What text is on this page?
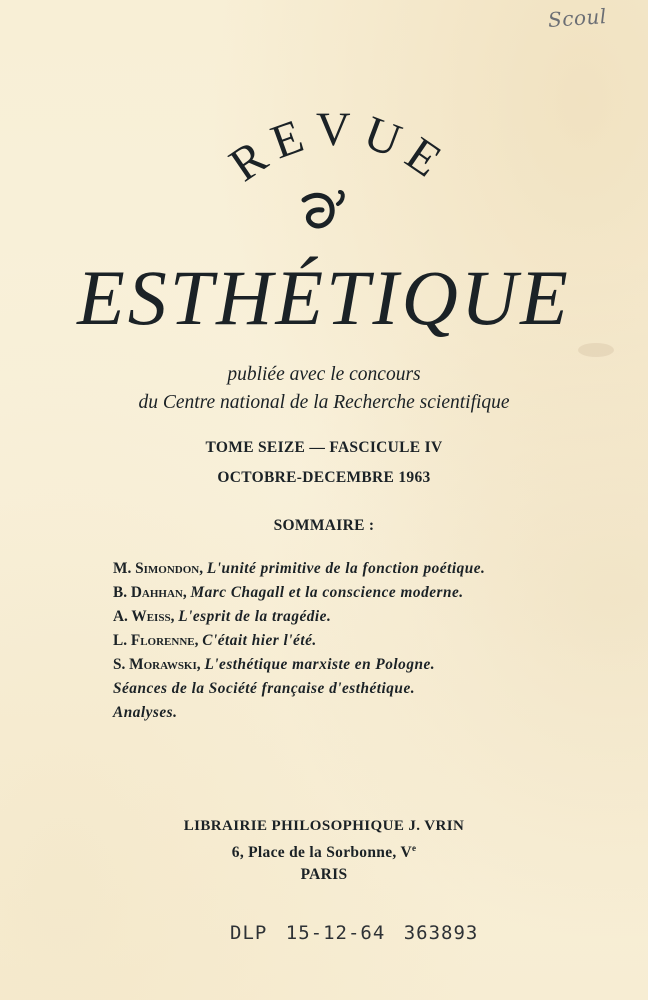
Scoul
REVUE
ESTHÉTIQUE
publiée avec le concours
du Centre national de la Recherche scientifique
TOME SEIZE — FASCICULE IV
OCTOBRE-DECEMBRE 1963
SOMMAIRE :
M. Simondon, L'unité primitive de la fonction poétique.
B. Dahhan, Marc Chagall et la conscience moderne.
A. Weiss, L'esprit de la tragédie.
L. Florenne, C'était hier l'été.
S. Morawski, L'esthétique marxiste en Pologne.
Séances de la Société française d'esthétique.
Analyses.
LIBRAIRIE PHILOSOPHIQUE J. VRIN
6, Place de la Sorbonne, Ve
PARIS
DLP 15-12-64 363893
